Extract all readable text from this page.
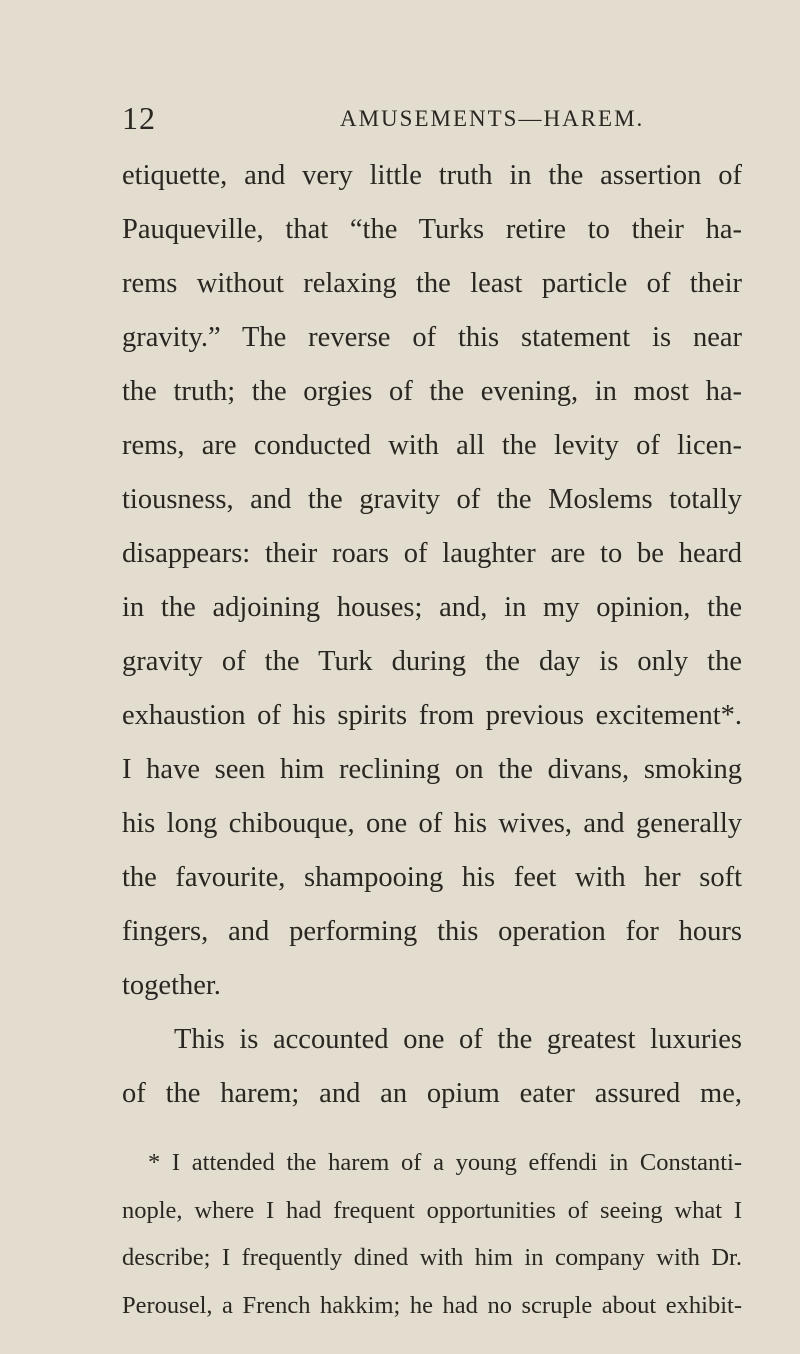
12	AMUSEMENTS—HAREM.
etiquette, and very little truth in the assertion of
Pauqueville, that “the Turks retire to their ha-
rems without relaxing the least particle of their
gravity.” The reverse of this statement is near
the truth; the orgies of the evening, in most ha-
rems, are conducted with all the levity of licen-
tiousness, and the gravity of the Moslems totally
disappears: their roars of laughter are to be heard
in the adjoining houses; and, in my opinion, the
gravity of the Turk during the day is only the
exhaustion of his spirits from previous excitement*.
I have seen him reclining on the divans, smoking
his long chibouque, one of his wives, and generally
the favourite, shampooing his feet with her soft
fingers, and performing this operation for hours
together.
This is accounted one of the greatest luxuries
of the harem; and an opium eater assured me,
* I attended the harem of a young effendi in Constanti-
nople, where I had frequent opportunities of seeing what I
describe; I frequently dined with him in company with Dr.
Perousel, a French hakkim; he had no scruple about exhibit-
